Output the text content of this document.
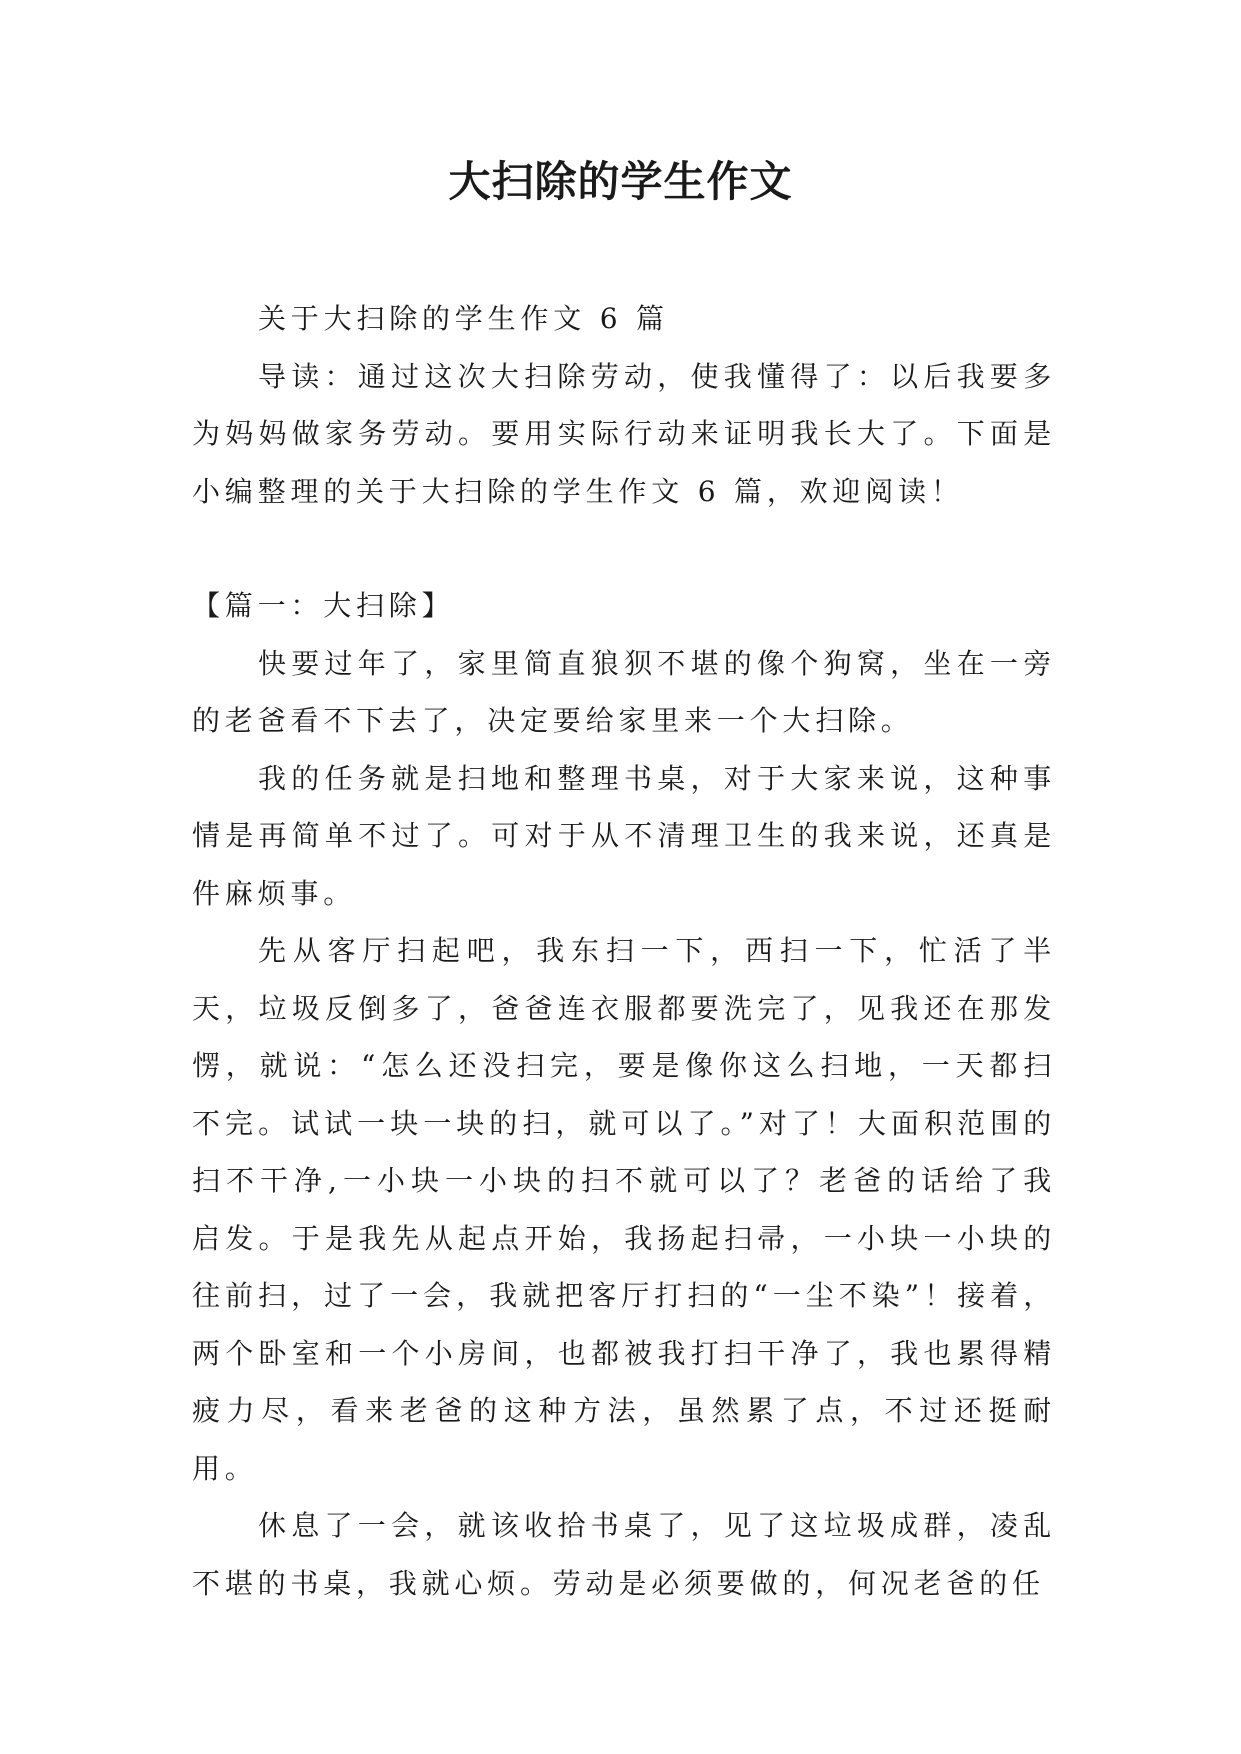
大扫除的学生作文

关于大扫除的学生作文 6 篇

导读：通过这次大扫除劳动，使我懂得了：以后我要多为妈妈做家务劳动。要用实际行动来证明我长大了。下面是小编整理的关于大扫除的学生作文 6 篇，欢迎阅读！

【篇一：大扫除】

快要过年了，家里简直狼狈不堪的像个狗窝，坐在一旁的老爸看不下去了，决定要给家里来一个大扫除。

我的任务就是扫地和整理书桌，对于大家来说，这种事情是再简单不过了。可对于从不清理卫生的我来说，还真是件麻烦事。

先从客厅扫起吧，我东扫一下，西扫一下，忙活了半天，垃圾反倒多了，爸爸连衣服都要洗完了，见我还在那发愣，就说：“怎么还没扫完，要是像你这么扫地，一天都扫不完。试试一块一块的扫，就可以了。”对了！大面积范围的扫不干净,一小块一小块的扫不就可以了？老爸的话给了我启发。于是我先从起点开始，我扬起扫帚，一小块一小块的往前扫，过了一会，我就把客厅打扫的“一尘不染”！接着，两个卧室和一个小房间，也都被我打扫干净了，我也累得精疲力尽，看来老爸的这种方法，虽然累了点，不过还挺耐用。

休息了一会，就该收拾书桌了，见了这垃圾成群，凌乱不堪的书桌，我就心烦。劳动是必须要做的，何况老爸的任
